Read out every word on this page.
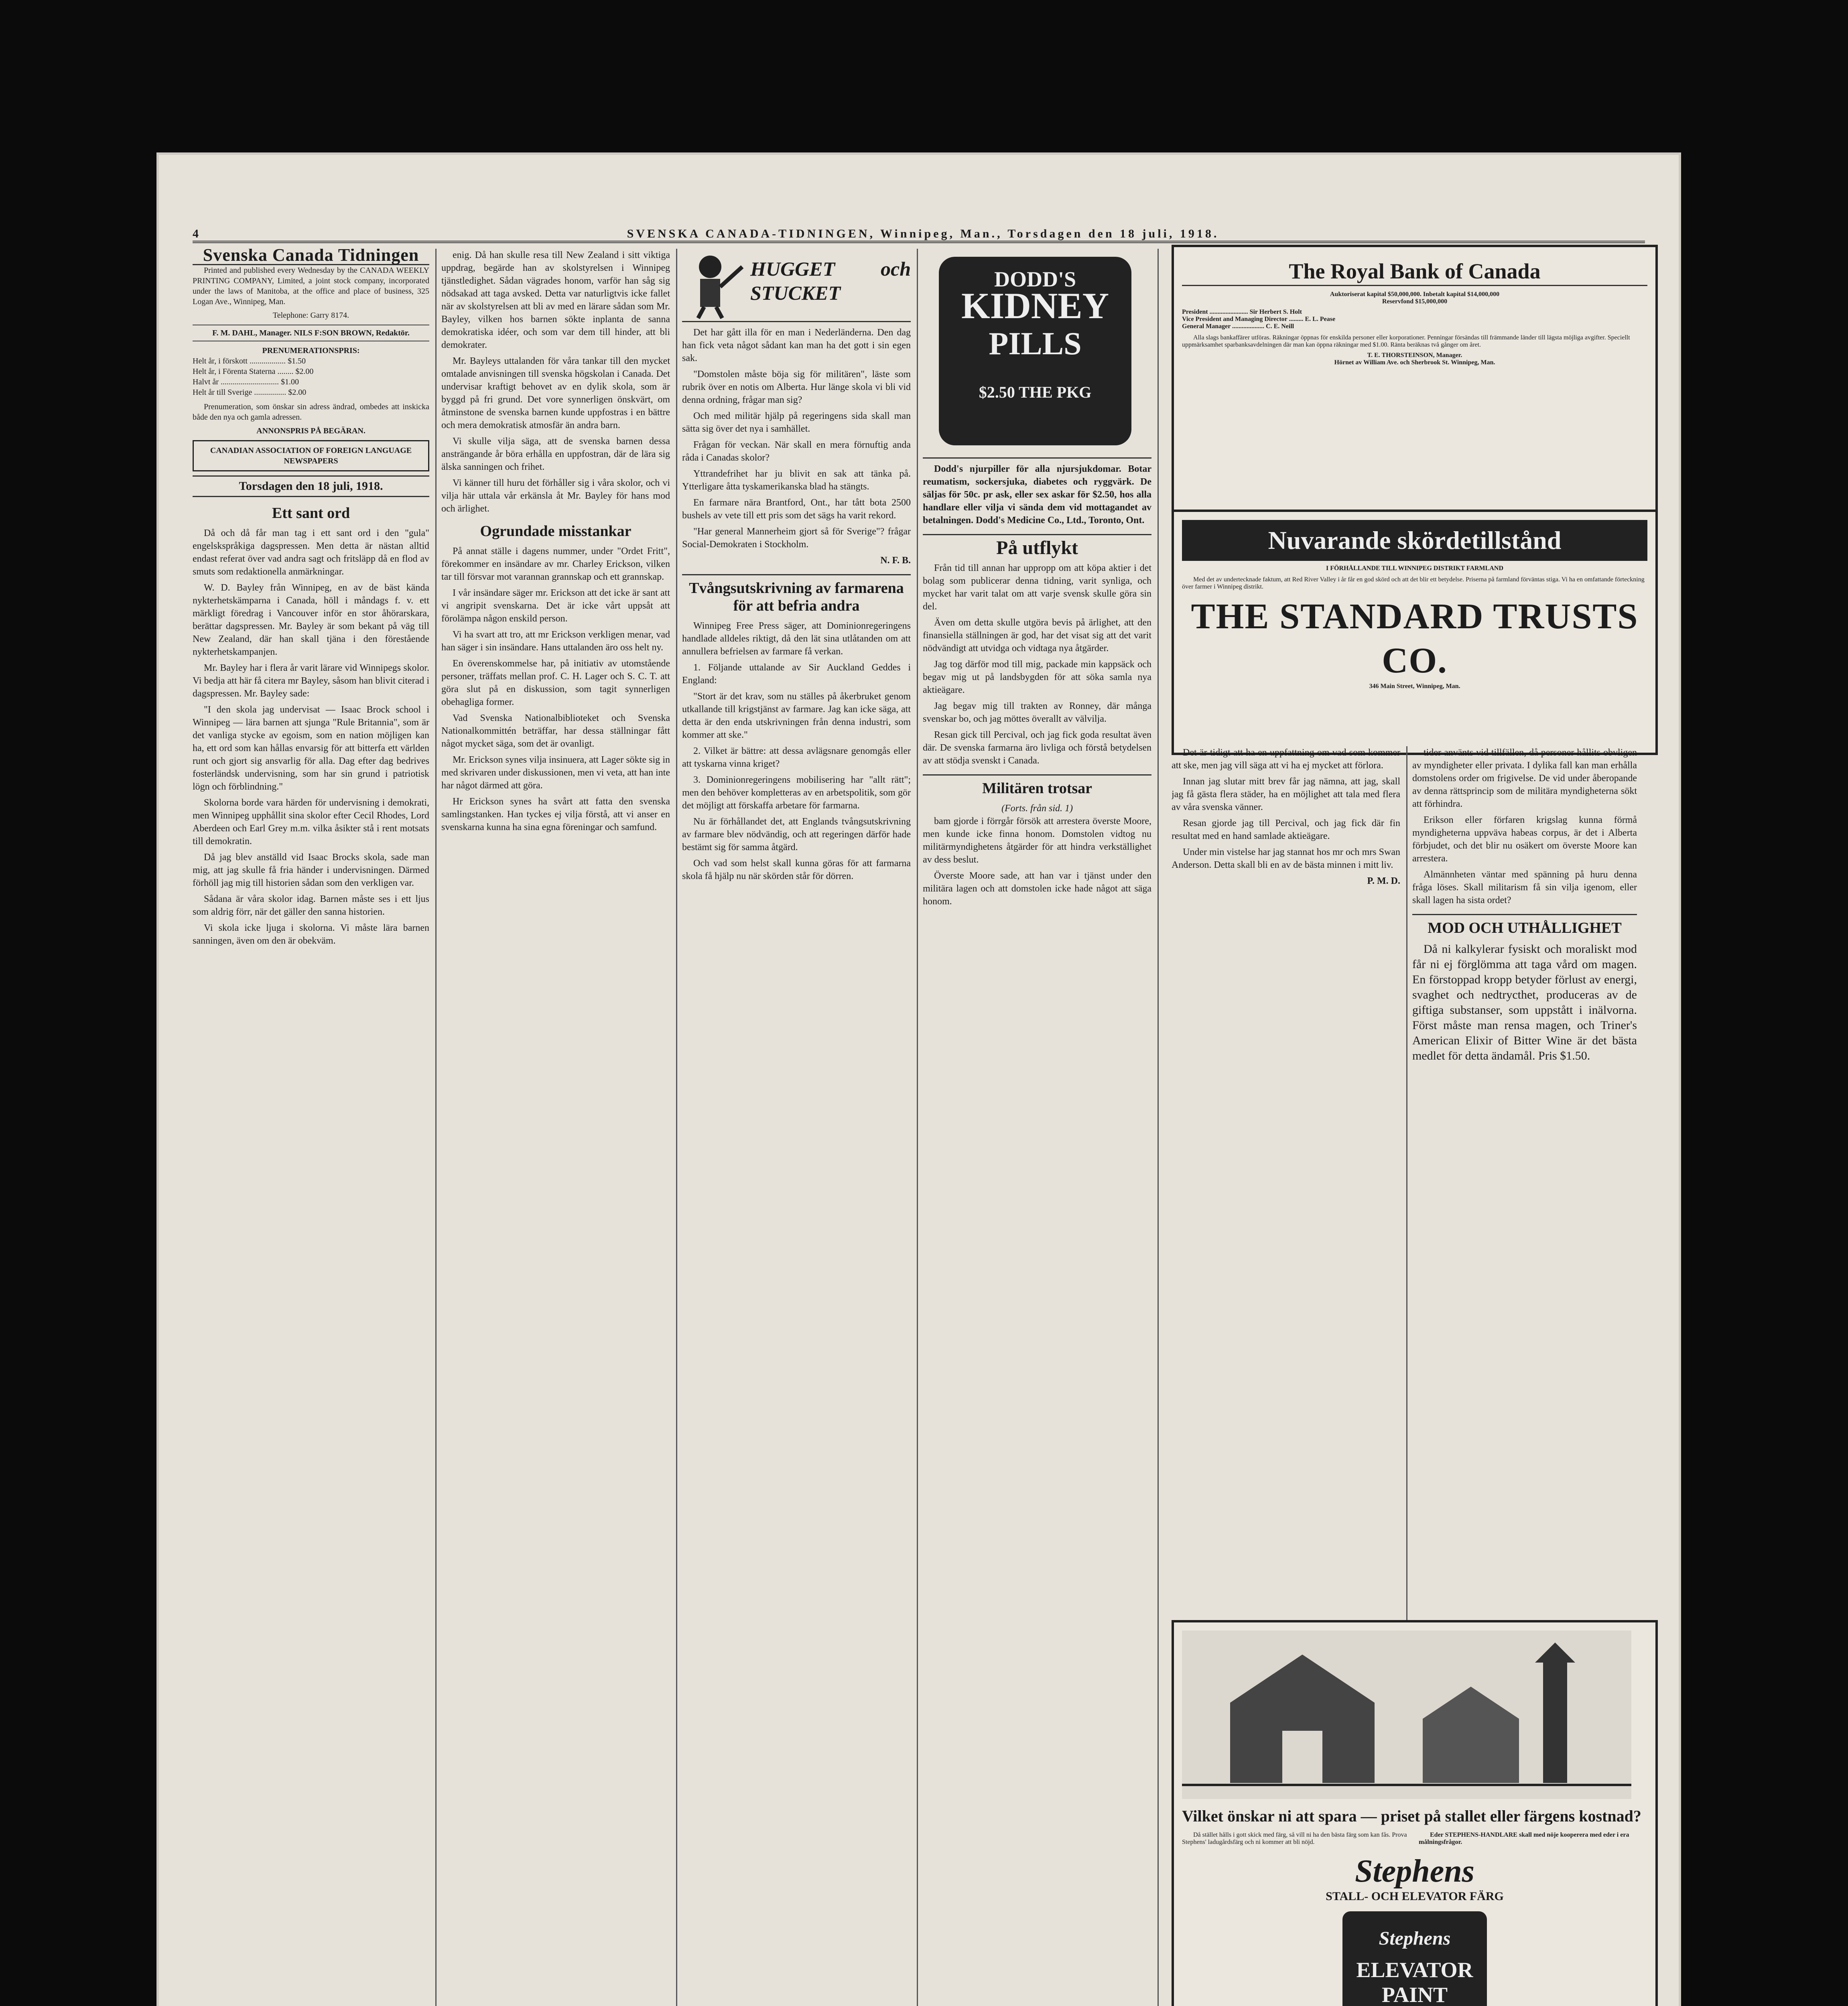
4	SVENSKA CANADA-TIDNINGEN, Winnipeg, Man., Torsdagen den 18 juli, 1918.
Svenska Canada Tidningen

Printed and published every Wednesday by the CANADA WEEKLY PRINTING COMPANY, Limited, a joint stock company, incorporated under the laws of Manitoba, at the office and place of business, 325 Logan Ave., Winnipeg, Man.

Telephone: Garry 8174.
F. M. DAHL, Manager. NILS F:SON BROWN, Redaktör.
PRENUMERATIONSPRIS:
Helt år, i förskott .................. $1.50
Helt år, i Förenta Staterna ........ $2.00
Halvt år ............................. $1.00
Helt år till Sverige ................ $2.00

Prenumeration, som önskar sin adress ändrad, ombedes att inskicka både den nya och gamla adressen.

ANNONSPRIS PÅ BEGÄRAN.
CANADIAN ASSOCIATION OF FOREIGN LANGUAGE NEWSPAPERS
Torsdagen den 18 juli, 1918.
Ett sant ord

Då och då får man tag i ett sant ord i den "gula" engelskspråkiga dagspressen. Men detta är nästan alltid endast referat över vad andra sagt och fritsläpp då en flod av smuts som redaktionella anmärkningar.

W. D. Bayley från Winnipeg, en av de bäst kända nykterhetskämparna i Canada, höll i måndags f. v. ett märkligt föredrag i Vancouver inför en stor åhörarskara, berättar dagspressen. Mr. Bayley är som bekant på väg till New Zealand, där han skall tjäna i den förestående nykterhetskampanjen.

Mr. Bayley har i flera år varit lärare vid Winnipegs skolor. Vi bedja att här få citera mr Bayley, såsom han blivit citerad i dagspressen. Mr. Bayley sade:

"I den skola jag undervisat — Isaac Brock school i Winnipeg — lära barnen att sjunga "Rule Britannia", som är det vanliga stycke av egoism, som en nation möjligen kan ha, ett ord som kan hållas envarsig för att bitterfa ett världen runt och gjort sig ansvarlig för alla. Dag efter dag bedrives fosterländsk undervisning, som har sin grund i patriotisk lögn och förblindning."

Skolorna borde vara härden för undervisning i demokrati, men Winnipeg upphållit sina skolor efter Cecil Rhodes, Lord Aberdeen och Earl Grey m.m. vilka åsikter stå i rent motsats till demokratin.

Då jag blev anställd vid Isaac Brocks skola, sade man mig, att jag skulle få fria händer i undervisningen. Därmed förhöll jag mig till historien sådan som den verkligen var.

Sådana är våra skolor idag. Barnen måste ses i ett ljus som aldrig förr, när det gäller den sanna historien.

Vi skola icke ljuga i skolorna. Vi måste lära barnen sanningen, även om den är obekväm.

enig. Då han skulle resa till New Zealand i sitt viktiga uppdrag, begärde han av skolstyrelsen i Winnipeg tjänstledighet. Sådan vägrades honom, varför han såg sig nödsakad att taga avsked. Detta var naturligtvis icke fallet när av skolstyrelsen att bli av med en lärare sådan som Mr. Bayley, vilken hos barnen sökte inplanta de sanna demokratiska idéer, och som var dem till hinder, att bli demokrater.

Mr. Bayleys uttalanden för våra tankar till den mycket omtalade anvisningen till svenska högskolan i Canada. Det undervisar kraftigt behovet av en dylik skola, som är byggd på fri grund. Det vore synnerligen önskvärt, om åtminstone de svenska barnen kunde uppfostras i en bättre och mera demokratisk atmosfär än andra barn.

Vi skulle vilja säga, att de svenska barnen dessa ansträngande år böra erhålla en uppfostran, där de lära sig älska sanningen och frihet.

Vi känner till huru det förhåller sig i våra skolor, och vi vilja här uttala vår erkänsla åt Mr. Bayley för hans mod och ärlighet.

Ogrundade misstankar

På annat ställe i dagens nummer, under "Ordet Fritt", förekommer en insändare av mr. Charley Erickson, vilken tar till försvar mot varannan grannskap och ett grannskap.

I vår insändare säger mr. Erickson att det icke är sant att vi angripit svenskarna. Det är icke vårt uppsåt att förolämpa någon enskild person.

Vi ha svart att tro, att mr Erickson verkligen menar, vad han säger i sin insändare. Hans uttalanden äro oss helt ny.

En överenskommelse har, på initiativ av utomstående personer, träffats mellan prof. C. H. Lager och S. C. T. att göra slut på en diskussion, som tagit synnerligen obehagliga former.

Vad Svenska Nationalbiblioteket och Svenska Nationalkommittén beträffar, har dessa ställningar fått något mycket säga, som det är ovanligt.

Mr. Erickson synes vilja insinuera, att Lager sökte sig in med skrivaren under diskussionen, men vi veta, att han inte har något därmed att göra.

Hr Erickson synes ha svårt att fatta den svenska samlingstanken. Han tyckes ej vilja förstå, att vi anser en svenskarna kunna ha sina egna föreningar och samfund.

HUGGET och STUCKET

Det har gått illa för en man i Nederländerna. Den dag han fick veta något sådant kan man ha det gott i sin egen sak.

"Domstolen måste böja sig för militären", läste som rubrik över en notis om Alberta. Hur länge skola vi bli vid denna ordning, frågar man sig?

Och med militär hjälp på regeringens sida skall man sätta sig över det nya i samhället.

Frågan för veckan. När skall en mera förnuftig anda råda i Canadas skolor?

Yttrandefrihet har ju blivit en sak att tänka på. Ytterligare åtta tyskamerikanska blad ha stängts.

En farmare nära Brantford, Ont., har tått bota 2500 bushels av vete till ett pris som det sägs ha varit rekord.

"Har general Mannerheim gjort så för Sverige"? frågar Social-Demokraten i Stockholm.

N. F. B.
Tvångsutskrivning av farmarena för att befria andra

Winnipeg Free Press säger, att Dominionregeringens handlade alldeles riktigt, då den lät sina utlåtanden om att annullera befrielsen av farmare få verkan.

1. Följande uttalande av Sir Auckland Geddes i England:

"Stort är det krav, som nu ställes på åkerbruket genom utkallande till krigstjänst av farmare. Jag kan icke säga, att detta är den enda utskrivningen från denna industri, som kommer att ske."

2. Vilket är bättre: att dessa avlägsnare genomgås eller att tyskarna vinna kriget?

3. Dominionregeringens mobilisering har "allt rätt"; men den behöver kompletteras av en arbetspolitik, som gör det möjligt att förskaffa arbetare för farmarna.

Nu är förhållandet det, att Englands tvångsutskrivning av farmare blev nödvändig, och att regeringen därför hade bestämt sig för samma åtgärd.

Och vad som helst skall kunna göras för att farmarna skola få hjälp nu när skörden står för dörren.

DODD'S
KIDNEY
PILLS
$2.50 THE PKG

Dodd's njurpiller för alla njursjukdomar. Botar reumatism, sockersjuka, diabetes och ryggvärk. De säljas för 50c. pr ask, eller sex askar för $2.50, hos alla handlare eller vilja vi sända dem vid mottagandet av betalningen. Dodd's Medicine Co., Ltd., Toronto, Ont.

På utflykt

Från tid till annan har uppropp om att köpa aktier i det bolag som publicerar denna tidning, varit synliga, och mycket har varit talat om att varje svensk skulle göra sin del.

Även om detta skulle utgöra bevis på ärlighet, att den finansiella ställningen är god, har det visat sig att det varit nödvändigt att utvidga och vidtaga nya åtgärder.

Jag tog därför mod till mig, packade min kappsäck och begav mig ut på landsbygden för att söka samla nya aktieägare.

Jag begav mig till trakten av Ronney, där många svenskar bo, och jag möttes överallt av välvilja.

Resan gick till Percival, och jag fick goda resultat även där. De svenska farmarna äro livliga och förstå betydelsen av att stödja svenskt i Canada.

Militären trotsar
(Forts. från sid. 1)

bam gjorde i förrgår försök att arrestera överste Moore, men kunde icke finna honom. Domstolen vidtog nu militärmyndighetens åtgärder för att hindra verkställighet av dess beslut.

Överste Moore sade, att han var i tjänst under den militära lagen och att domstolen icke hade något att säga honom.

The Royal Bank of Canada
Auktoriserat kapital $50,000,000. Inbetalt kapital $14,000,000
Reservfond $15,000,000
President ........................ Sir Herbert S. Holt
Vice President and Managing Director ......... E. L. Pease
General Manager .................... C. E. Neill

Alla slags bankaffärer utföras. Räkningar öppnas för enskilda personer eller korporationer. Penningar försändas till främmande länder till lägsta möjliga avgifter. Speciellt uppmärksamhet sparbanksavdelningen där man kan öppna räkningar med $1.00. Ränta beräknas två gånger om året.

T. E. THORSTEINSON, Manager.
Hörnet av William Ave. och Sherbrook St. Winnipeg, Man.
Nuvarande skördetillstånd
I FÖRHÅLLANDE TILL WINNIPEG DISTRIKT FARMLAND

Med det av undertecknade faktum, att Red River Valley i år får en god skörd och att det blir ett betydelse. Priserna på farmland förväntas stiga. Vi ha en omfattande förteckning över farmer i Winnipeg distrikt.

THE STANDARD TRUSTS CO.
346 Main Street, Winnipeg, Man.

Det är tidigt att ha en uppfattning om vad som kommer att ske, men jag vill säga att vi ha ej mycket att förlora.

Innan jag slutar mitt brev får jag nämna, att jag, skall jag få gästa flera städer, ha en möjlighet att tala med flera av våra svenska vänner.

Resan gjorde jag till Percival, och jag fick där fin resultat med en hand samlade aktieägare.

Under min vistelse har jag stannat hos mr och mrs Swan Anderson. Detta skall bli en av de bästa minnen i mitt liv.

P. M. D.

tider använts vid tillfällen, då personer hållits obvligen av myndigheter eller privata. I dylika fall kan man erhålla domstolens order om frigivelse. De vid under åberopande av denna rättsprincip som de militära myndigheterna sökt att förhindra.

Erikson eller förfaren krigslag kunna förmå myndigheterna uppväva habeas corpus, är det i Alberta förbjudet, och det blir nu osäkert om överste Moore kan arrestera.

Almännheten väntar med spänning på huru denna fråga löses. Skall militarism få sin vilja igenom, eller skall lagen ha sista ordet?

MOD OCH UTHÅLLIGHET

Då ni kalkylerar fysiskt och moraliskt mod får ni ej förglömma att taga vård om magen. En förstoppad kropp betyder förlust av energi, svaghet och nedtrycthet, produceras av de giftiga substanser, som uppstått i inälvorna. Först måste man rensa magen, och Triner's American Elixir of Bitter Wine är det bästa medlet för detta ändamål. Pris $1.50.

Vilket önskar ni att spara — priset på stallet eller färgens kostnad?

Då stället hålls i gott skick med färg, så vill ni ha den bästa färg som kan fås. Prova Stephens' ladugårdsfärg och ni kommer att bli nöjd.

Eder STEPHENS-HANDLARE skall med nöje kooperera med eder i era målningsfrågor.

Stephens
STALL- OCH ELEVATOR FÄRG
Stephens
ELEVATOR PAINT
